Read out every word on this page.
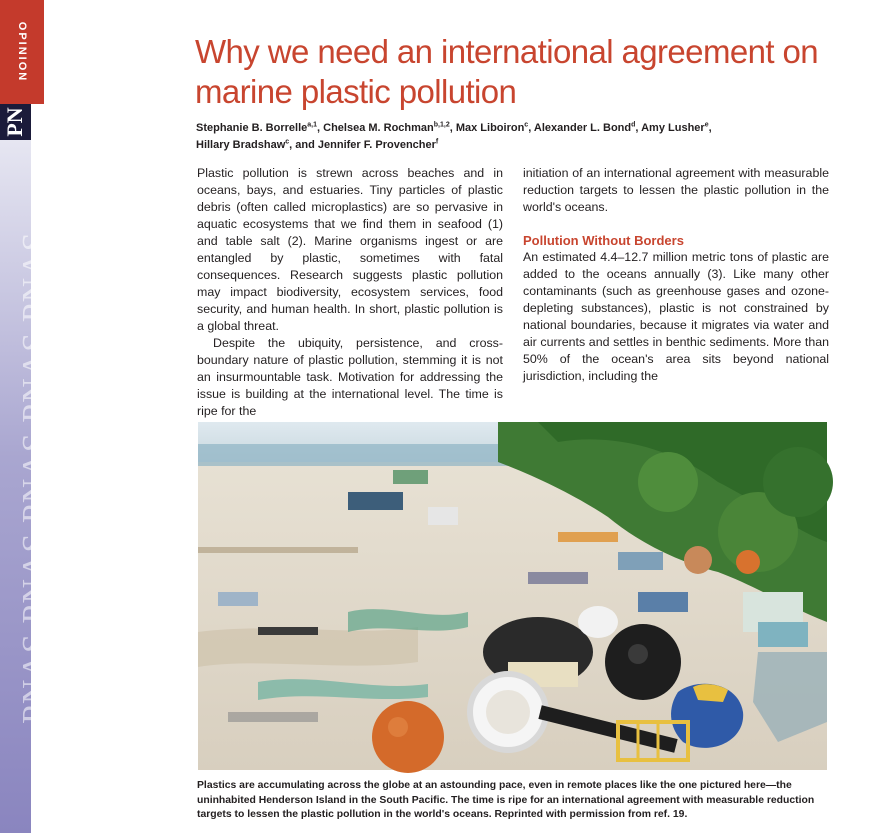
PNAS PNAS PNAS PNAS PNAS
PN
OPINION	Why we need an international agreement on marine plastic pollution
Stephanie B. Borrelle$^{a,1}$, Chelsea M. Rochman$^{b,1,2}$, Max Liboiron$^c$, Alexander L. Bond$^d$, Amy Lusher$^e$,
Hillary Bradshaw$^c$, and Jennifer F. Provencher$^f$

Plastic pollution is strewn across beaches and in oceans, bays, and estuaries. Tiny particles of plastic debris (often called microplastics) are so pervasive in aquatic ecosystems that we find them in seafood (1) and table salt (2). Marine organisms ingest or are entangled by plastic, sometimes with fatal consequences. Research suggests plastic pollution may impact biodiversity, ecosystem services, food security, and human health. In short, plastic pollution is a global threat.

Despite the ubiquity, persistence, and cross-boundary nature of plastic pollution, stemming it is not an insurmountable task. Motivation for addressing the issue is building at the international level. The time is ripe for the

initiation of an international agreement with measurable reduction targets to lessen the plastic pollution in the world's oceans.

Pollution Without Borders

An estimated 4.4–12.7 million metric tons of plastic are added to the oceans annually (3). Like many other contaminants (such as greenhouse gases and ozone-depleting substances), plastic is not constrained by national boundaries, because it migrates via water and air currents and settles in benthic sediments. More than 50% of the ocean's area sits beyond national jurisdiction, including the

Plastics are accumulating across the globe at an astounding pace, even in remote places like the one pictured here—the uninhabited Henderson Island in the South Pacific. The time is ripe for an international agreement with measurable reduction targets to lessen the plastic pollution in the world's oceans. Reprinted with permission from ref. 19.
